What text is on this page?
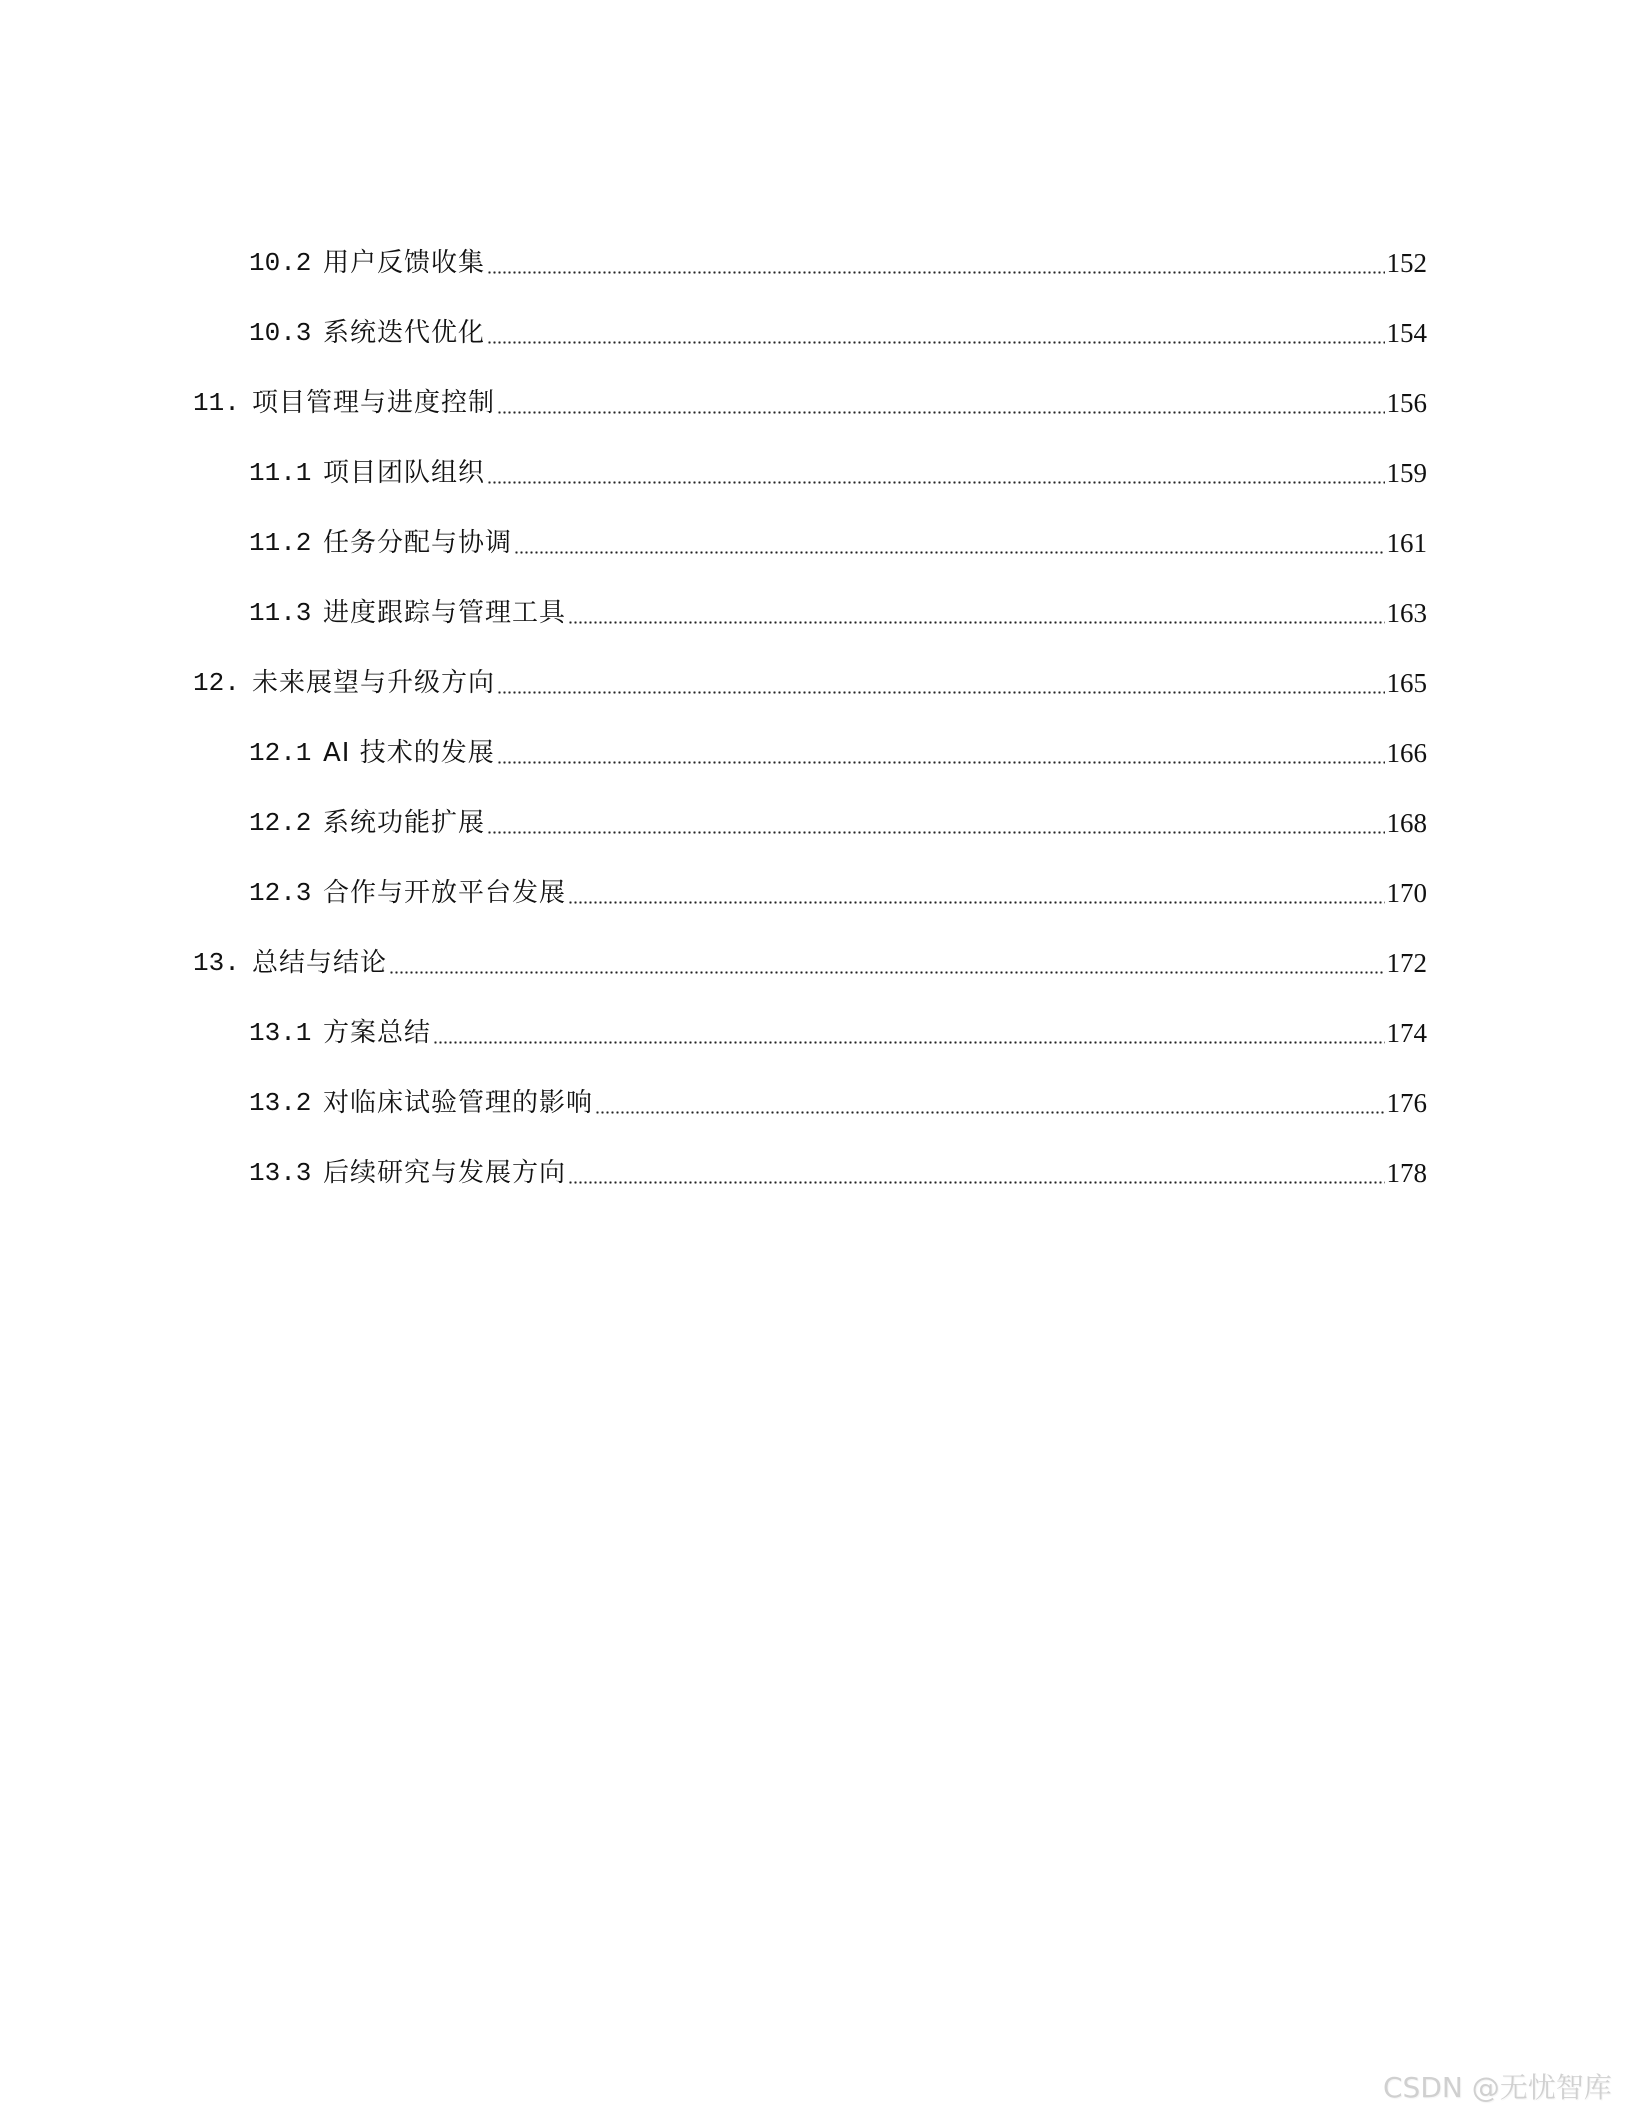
10.2 用户反馈收集	152
10.3 系统迭代优化	154
11. 项目管理与进度控制	156
11.1 项目团队组织	159
11.2 任务分配与协调	161
11.3 进度跟踪与管理工具	163
12. 未来展望与升级方向	165
12.1 AI 技术的发展	166
12.2 系统功能扩展	168
12.3 合作与开放平台发展	170
13. 总结与结论	172
13.1 方案总结	174
13.2 对临床试验管理的影响	176
13.3 后续研究与发展方向	178
CSDN @无忧智库
